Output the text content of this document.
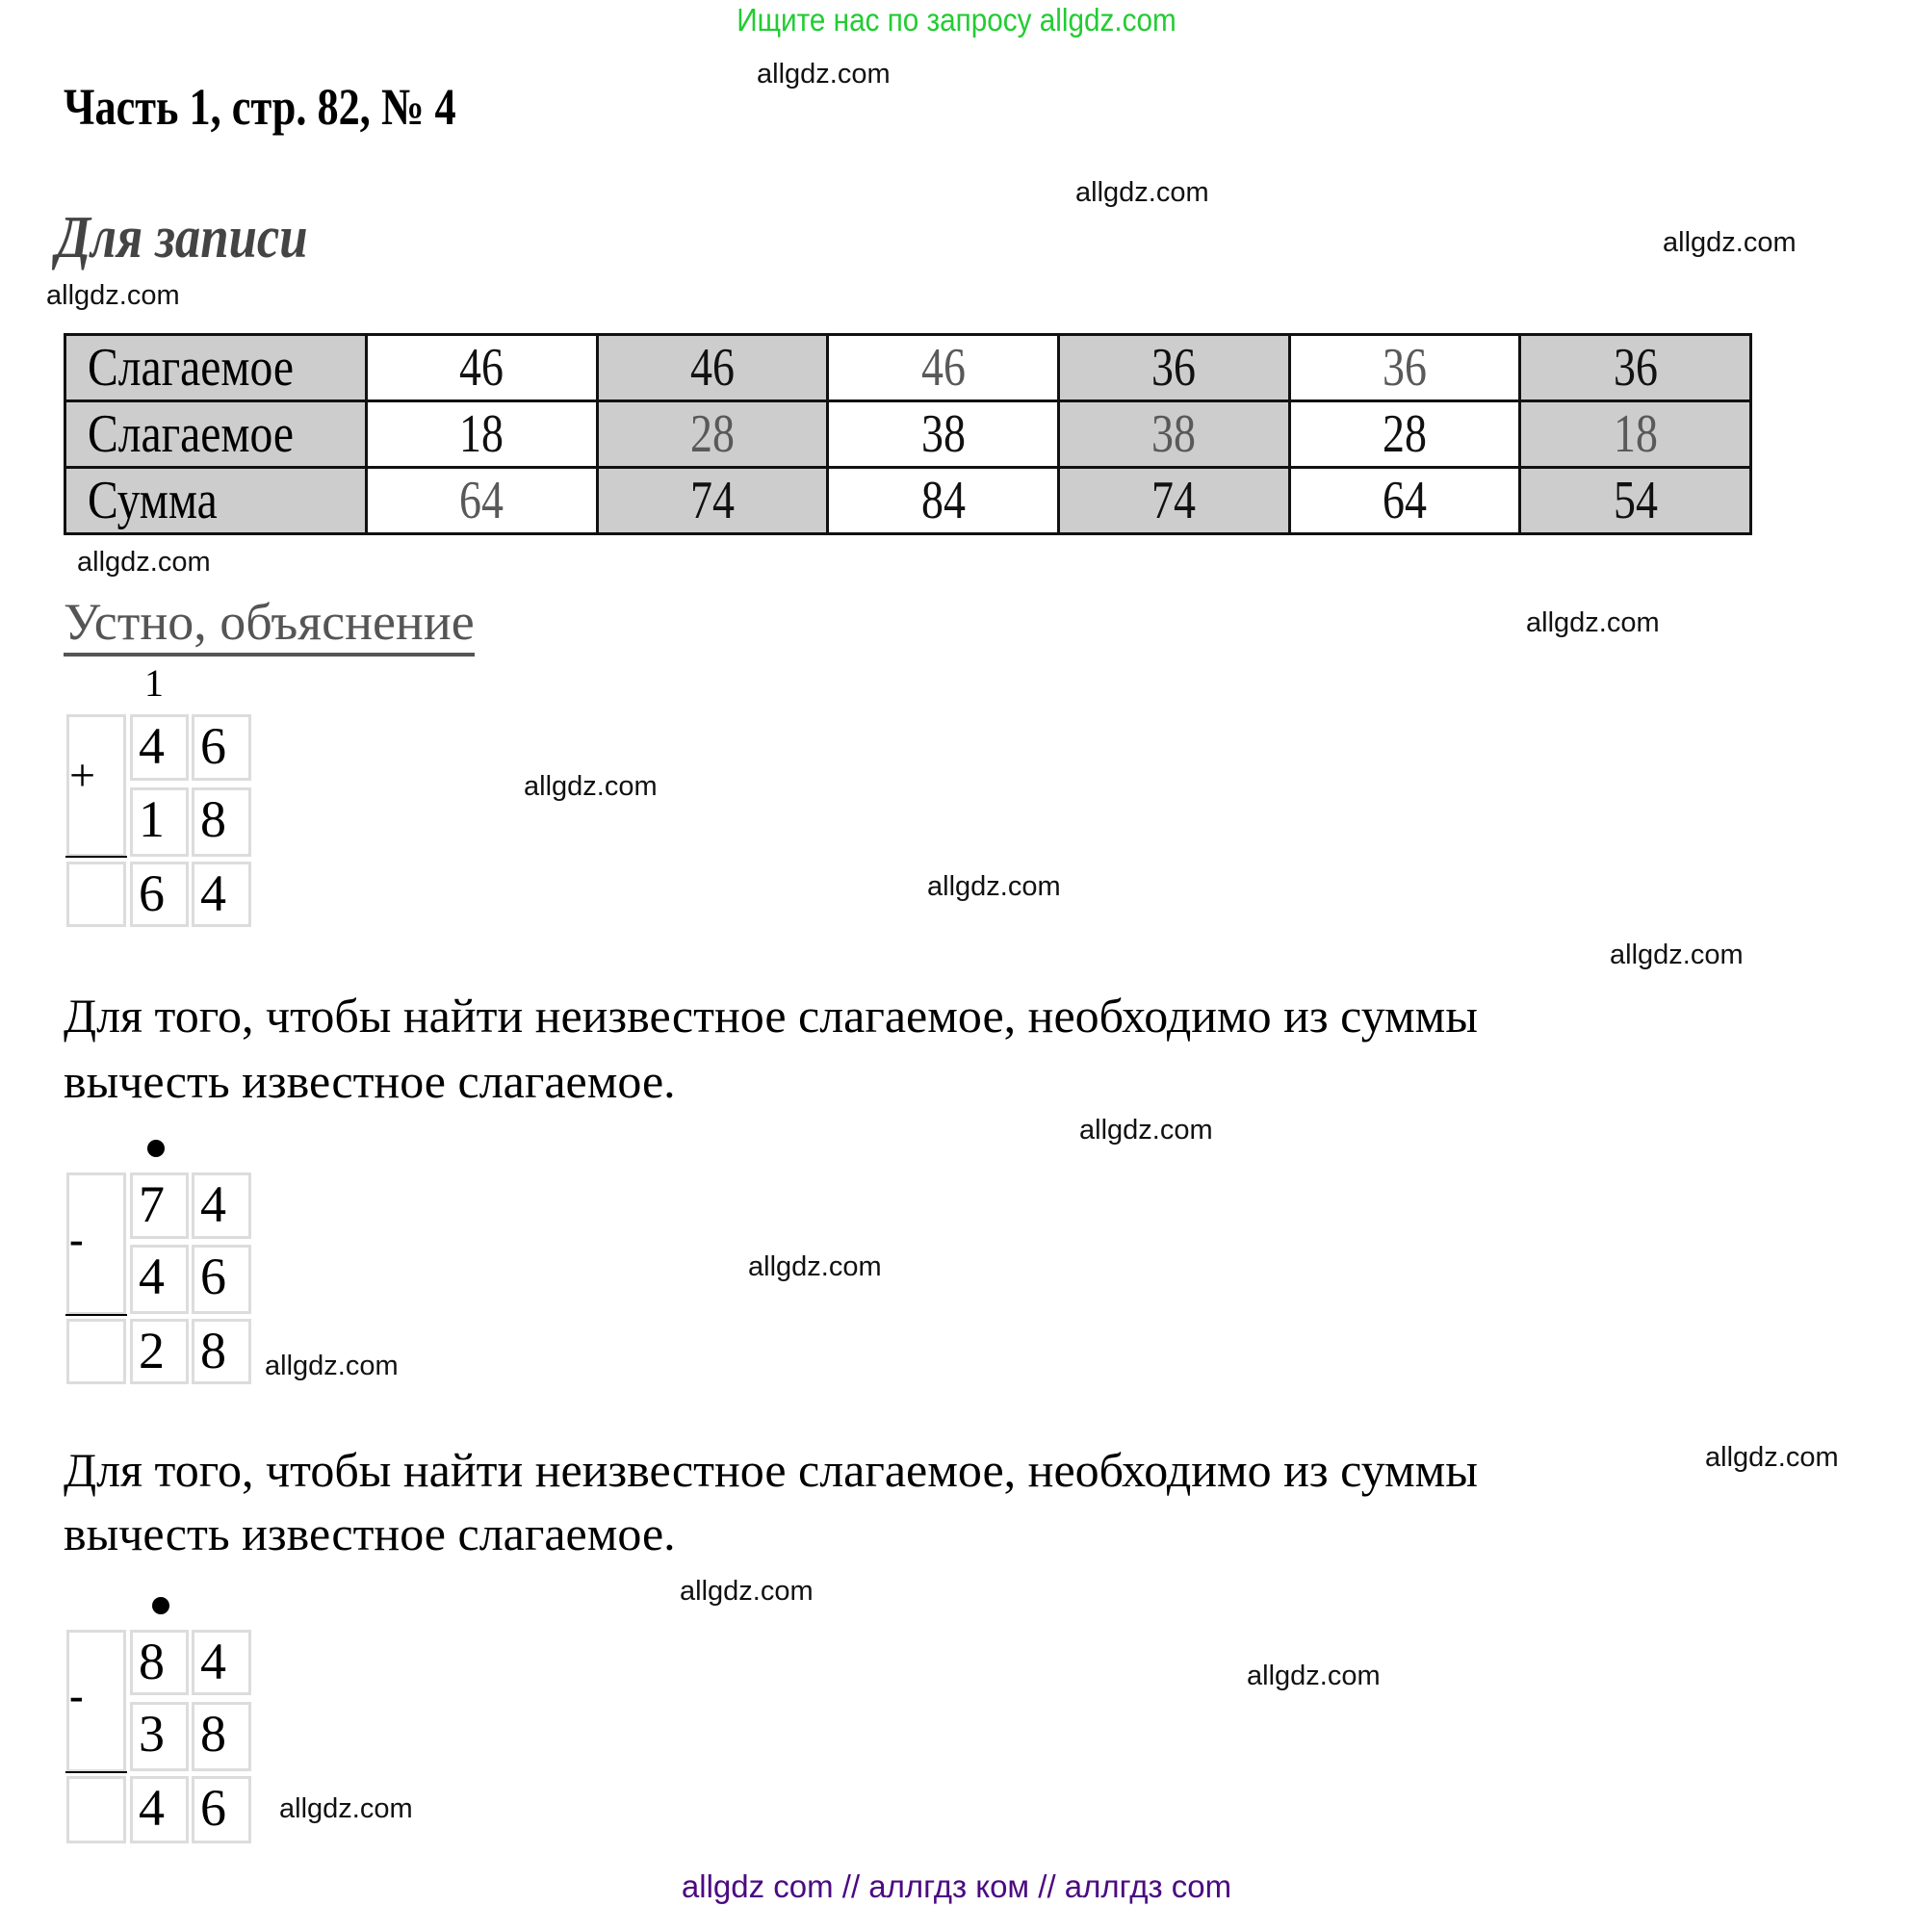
Ищите нас по запросу allgdz.com
Часть 1, стр. 82, № 4
Для записи
Слагаемое	46	46	46	36	36	36
Слагаемое	18	28	38	38	28	18
Сумма	64	74	84	74	64	54
Устно, объяснение
1
+
4 6
1 8
6 4
Для того, чтобы найти неизвестное слагаемое, необходимо из суммы
вычесть известное слагаемое.
-
7 4
4 6
2 8
Для того, чтобы найти неизвестное слагаемое, необходимо из суммы
вычесть известное слагаемое.
-
8 4
3 8
4 6
allgdz.com
allgdz.com
allgdz.com
allgdz.com
allgdz.com
allgdz.com
allgdz.com
allgdz.com
allgdz.com
allgdz.com
allgdz.com
allgdz.com
allgdz.com
allgdz.com
allgdz.com
allgdz.com
allgdz com // аллгдз ком // аллгдз com
